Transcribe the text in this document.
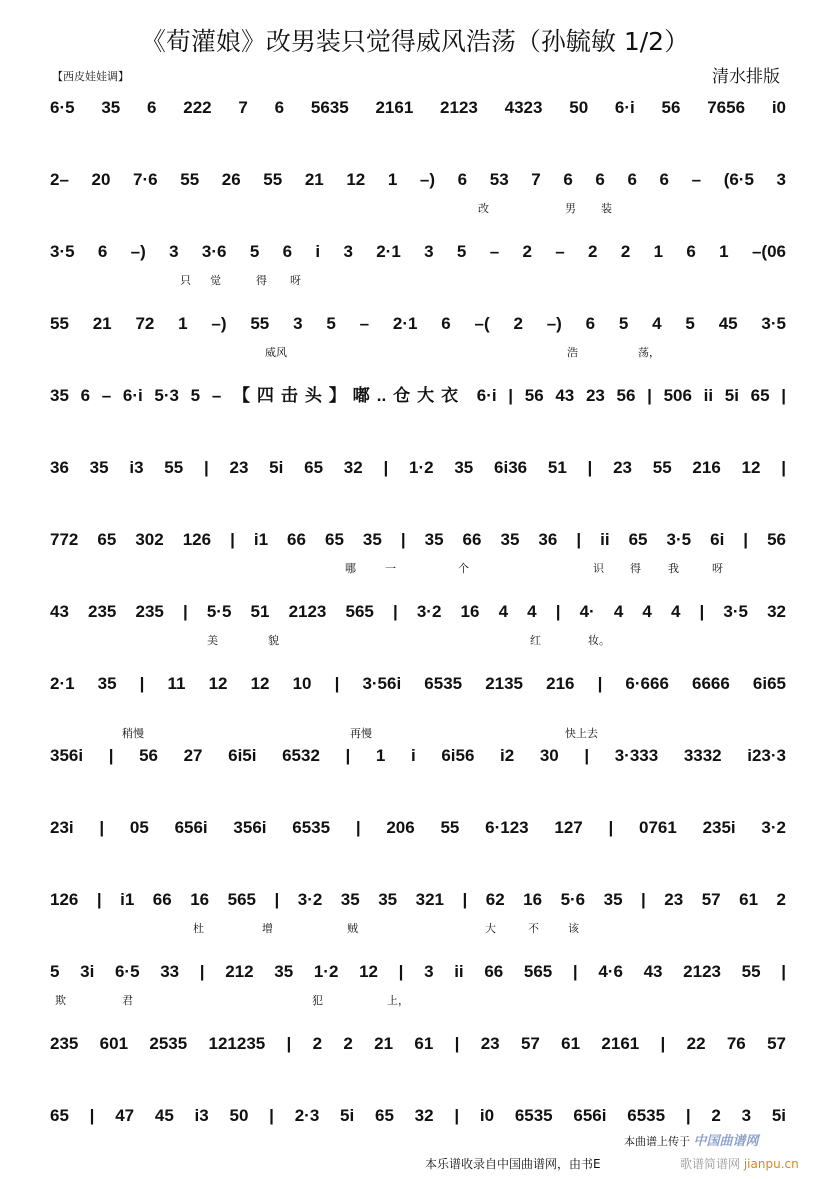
《荀灌娘》改男装只觉得威风浩荡（孙毓敏 1/2）
【西皮娃娃调】	清水排版
6·5 35 6 222 7 6 5635 2161 2123 4323 50 6·i 56 7656 i0
2– 20 7·6 55 26 55 21 12 1 –) 6 53 7 6 6 6 6 – (6·5 3
改	男 装
3·5 6 –) 3 3·6 5 6 i 3 2·1 3 5 – 2 – 2 2 1 6 1 –(06
只 觉	得 呀
55 21 72 1 –) 55 3 5 – 2·1 6 –( 2 –) 6 5 4 5 45 3·5
威风	浩	荡，
35 6 – 6·i 5·3 5 – 【四击头】嘟..仓大衣 6·i | 56 43 23 56 | 506 ii 5i 65 |
36 35 i3 55 | 23 5i 65 32 | 1·2 35 6i36 51 | 23 55 216 12 |
772 65 302 126 | i1 66 65 35 | 35 66 35 36 | ii 65 3·5 6i | 56
哪	一	个	识 得 我	呀
43 235 235 | 5·5 51 2123 565 | 3·2 16 4 4 | 4· 4 4 4 | 3·5 32
美	貌	红	妆。
2·1 35 | 11 12 12 10 | 3·56i 6535 2135 216 | 6·666 6666 6i65
356i | 56 27 6i5i 6532 | 1 i 6i56 i2 30 | 3·333 3332 i23·3
23i | 05 656i 356i 6535 | 206 55 6·123 127 | 0761 235i 3·2
126 | i1 66 16 565 | 3·2 35 35 321 | 62 16 5·6 35 | 23 57 61 2
杜	增	贼	大	不	该
5 3i 6·5 33 | 212 35 1·2 12 | 3 ii 66 565 | 4·6 43 2123 55 |
欺	君	犯	上，
235 601 2535 121235 | 2 2 21 61 | 23 57 61 2161 | 22 76 57
65 | 47 45 i3 50 | 2·3 5i 65 32 | i0 6535 656i 6535 | 2 3 5i
稍慢	再慢	快上去
本曲谱上传于 中国曲谱网
本乐谱收录自中国曲谱网，由书Ε	歌谱简谱网 jianpu.cn
